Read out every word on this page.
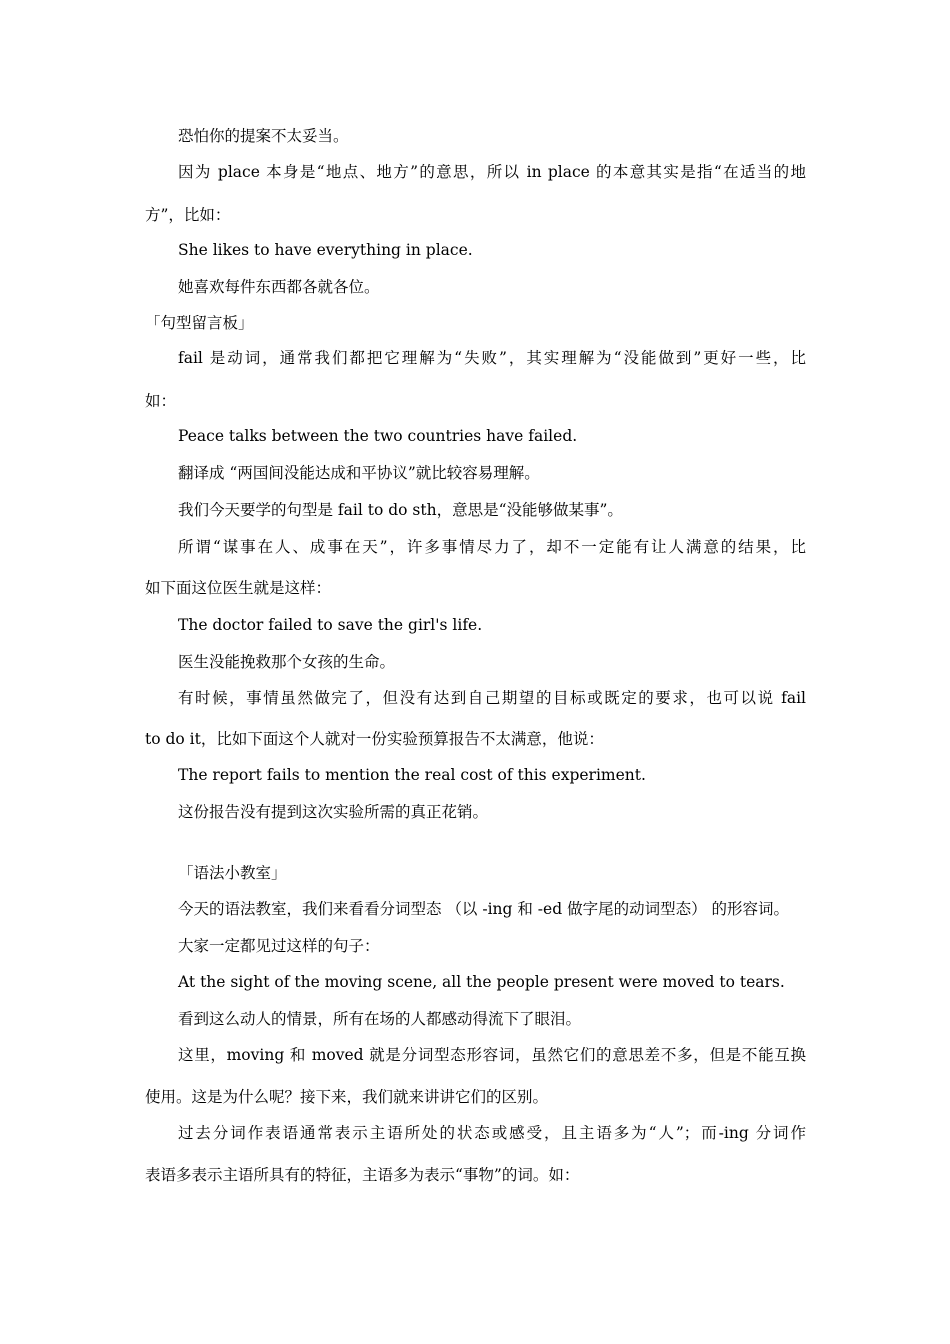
恐怕你的提案不太妥当。
因为 place 本身是“地点、地方”的意思，所以 in place 的本意其实是指“在适当的地
方”，比如：
She likes to have everything in place.
她喜欢每件东西都各就各位。
「句型留言板」
fail 是动词，通常我们都把它理解为“失败”，其实理解为“没能做到”更好一些，比
如：
Peace talks between the two countries have failed.
翻译成 “两国间没能达成和平协议”就比较容易理解。
我们今天要学的句型是 fail to do sth，意思是“没能够做某事”。
所谓“谋事在人、成事在天”，许多事情尽力了，却不一定能有让人满意的结果，比
如下面这位医生就是这样：
The doctor failed to save the girl's life.
医生没能挽救那个女孩的生命。
有时候，事情虽然做完了，但没有达到自己期望的目标或既定的要求，也可以说 fail
to do it，比如下面这个人就对一份实验预算报告不太满意，他说：
The report fails to mention the real cost of this experiment.
这份报告没有提到这次实验所需的真正花销。
「语法小教室」
今天的语法教室，我们来看看分词型态 （以 -ing 和 -ed 做字尾的动词型态） 的形容词。
大家一定都见过这样的句子：
At the sight of the moving scene, all the people present were moved to tears.
看到这么动人的情景，所有在场的人都感动得流下了眼泪。
这里，moving 和 moved 就是分词型态形容词，虽然它们的意思差不多，但是不能互换
使用。这是为什么呢？接下来，我们就来讲讲它们的区别。
过去分词作表语通常表示主语所处的状态或感受，且主语多为“人”；而-ing 分词作
表语多表示主语所具有的特征，主语多为表示“事物”的词。如：
